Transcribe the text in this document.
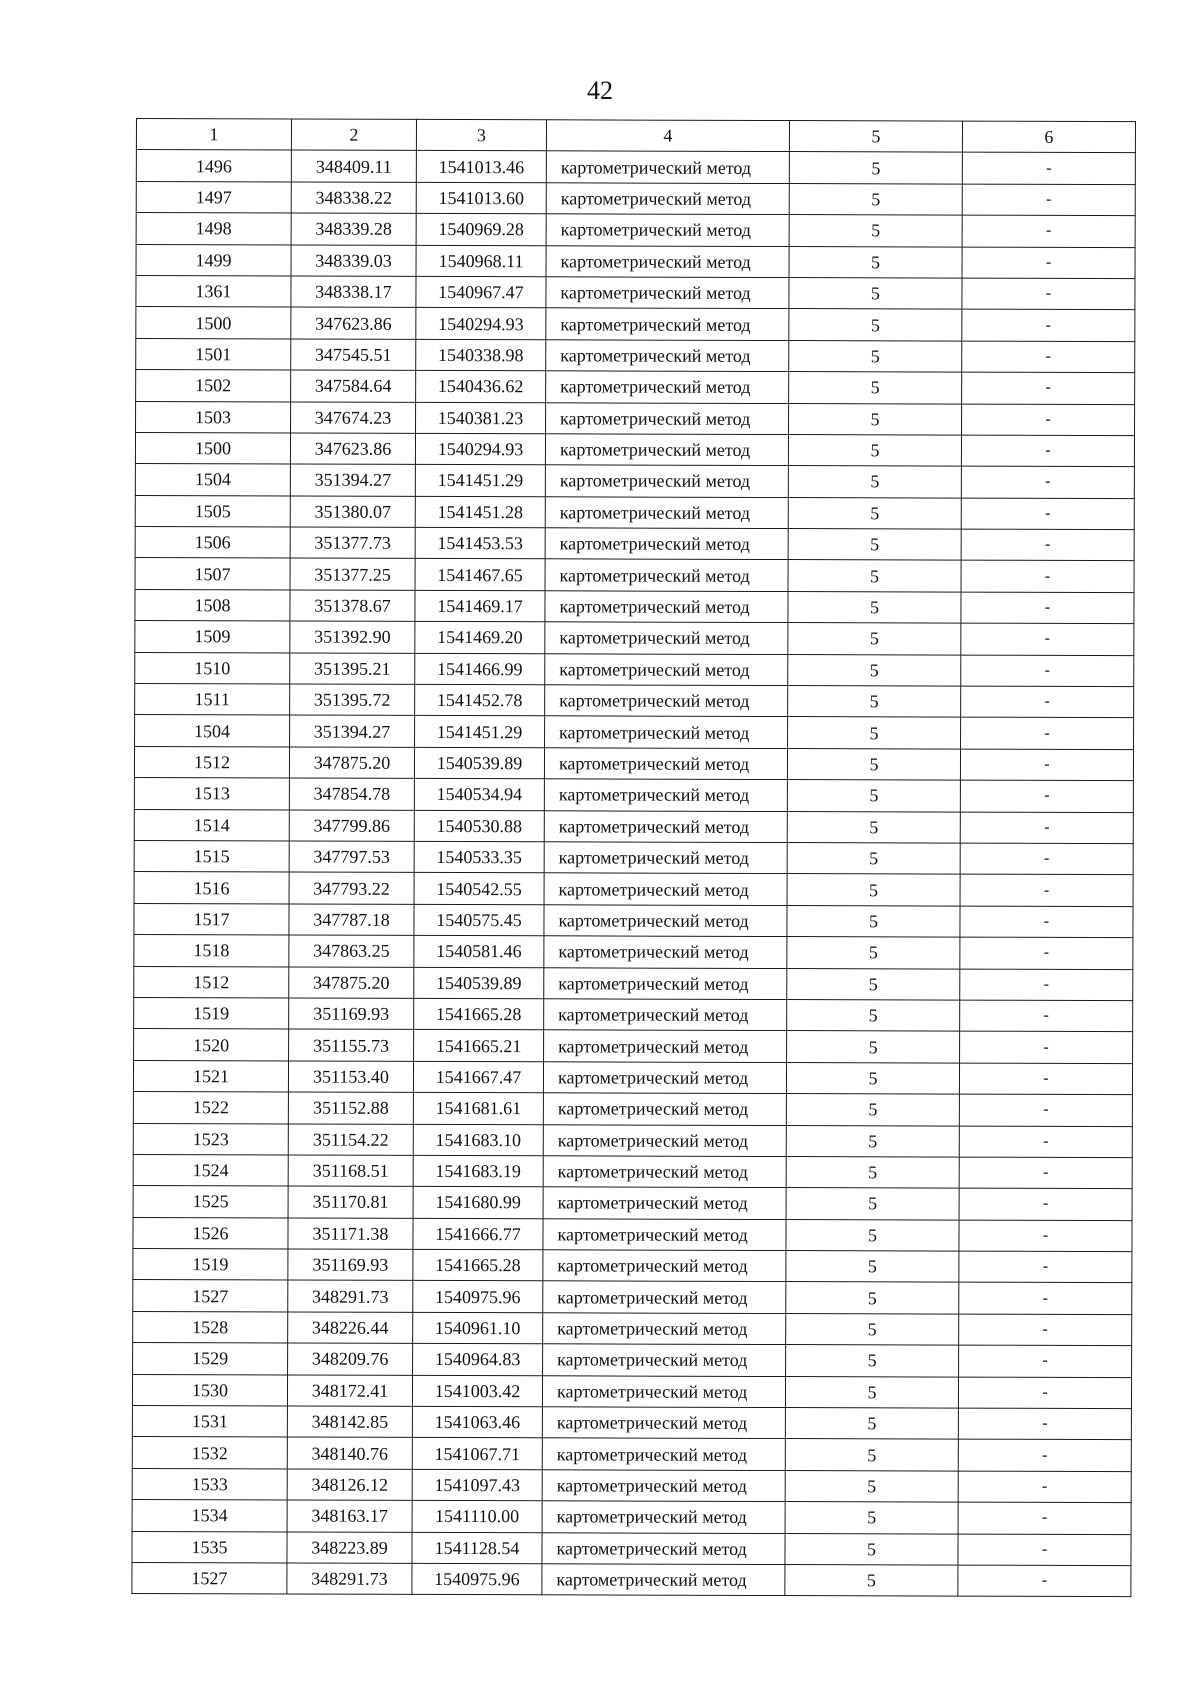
42
1	2	3	4	5	6
1496	348409.11	1541013.46	картометрический метод	5	-
1497	348338.22	1541013.60	картометрический метод	5	-
1498	348339.28	1540969.28	картометрический метод	5	-
1499	348339.03	1540968.11	картометрический метод	5	-
1361	348338.17	1540967.47	картометрический метод	5	-
1500	347623.86	1540294.93	картометрический метод	5	-
1501	347545.51	1540338.98	картометрический метод	5	-
1502	347584.64	1540436.62	картометрический метод	5	-
1503	347674.23	1540381.23	картометрический метод	5	-
1500	347623.86	1540294.93	картометрический метод	5	-
1504	351394.27	1541451.29	картометрический метод	5	-
1505	351380.07	1541451.28	картометрический метод	5	-
1506	351377.73	1541453.53	картометрический метод	5	-
1507	351377.25	1541467.65	картометрический метод	5	-
1508	351378.67	1541469.17	картометрический метод	5	-
1509	351392.90	1541469.20	картометрический метод	5	-
1510	351395.21	1541466.99	картометрический метод	5	-
1511	351395.72	1541452.78	картометрический метод	5	-
1504	351394.27	1541451.29	картометрический метод	5	-
1512	347875.20	1540539.89	картометрический метод	5	-
1513	347854.78	1540534.94	картометрический метод	5	-
1514	347799.86	1540530.88	картометрический метод	5	-
1515	347797.53	1540533.35	картометрический метод	5	-
1516	347793.22	1540542.55	картометрический метод	5	-
1517	347787.18	1540575.45	картометрический метод	5	-
1518	347863.25	1540581.46	картометрический метод	5	-
1512	347875.20	1540539.89	картометрический метод	5	-
1519	351169.93	1541665.28	картометрический метод	5	-
1520	351155.73	1541665.21	картометрический метод	5	-
1521	351153.40	1541667.47	картометрический метод	5	-
1522	351152.88	1541681.61	картометрический метод	5	-
1523	351154.22	1541683.10	картометрический метод	5	-
1524	351168.51	1541683.19	картометрический метод	5	-
1525	351170.81	1541680.99	картометрический метод	5	-
1526	351171.38	1541666.77	картометрический метод	5	-
1519	351169.93	1541665.28	картометрический метод	5	-
1527	348291.73	1540975.96	картометрический метод	5	-
1528	348226.44	1540961.10	картометрический метод	5	-
1529	348209.76	1540964.83	картометрический метод	5	-
1530	348172.41	1541003.42	картометрический метод	5	-
1531	348142.85	1541063.46	картометрический метод	5	-
1532	348140.76	1541067.71	картометрический метод	5	-
1533	348126.12	1541097.43	картометрический метод	5	-
1534	348163.17	1541110.00	картометрический метод	5	-
1535	348223.89	1541128.54	картометрический метод	5	-
1527	348291.73	1540975.96	картометрический метод	5	-
